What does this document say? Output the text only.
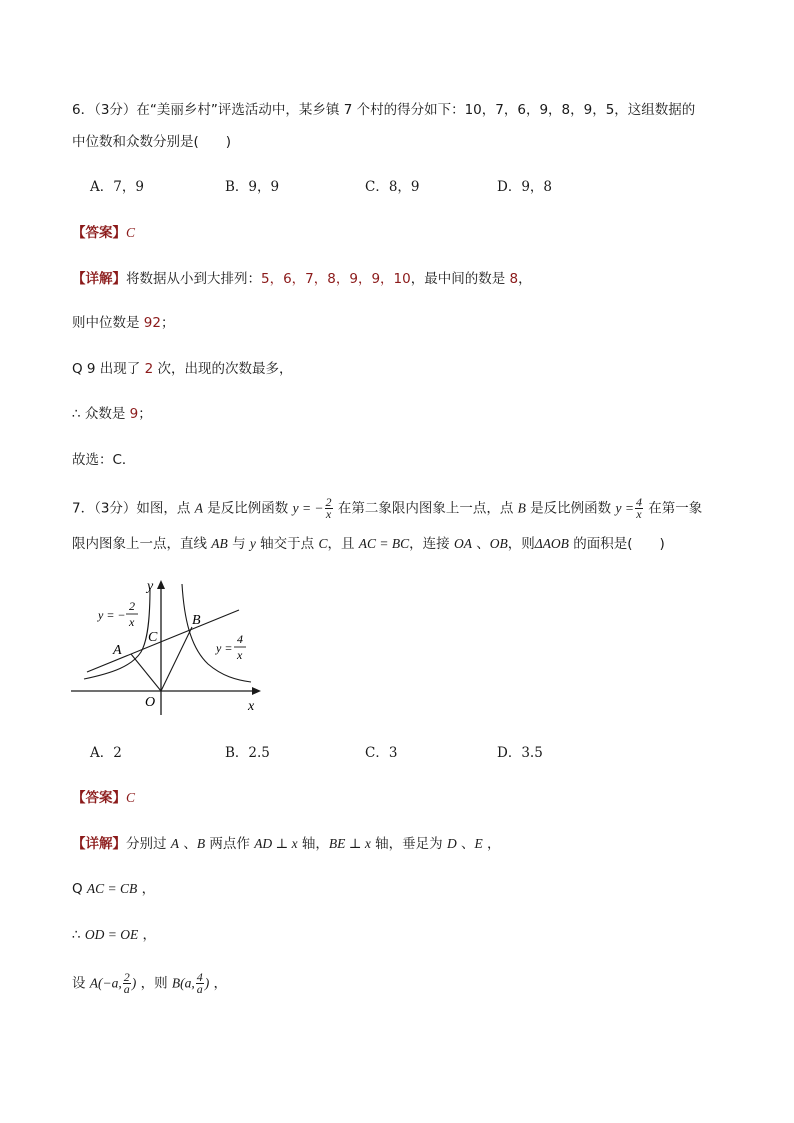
6．（3分）在“美丽乡村”评选活动中，某乡镇 7 个村的得分如下：10，7，6，9，8，9，5，这组数据的
中位数和众数分别是(　　)
A．7，9	B．9，9	C．8，9	D．9，8
【答案】C
【详解】将数据从小到大排列：5，6，7，8，9，9，10，最中间的数是 8，
则中位数是 92；
Q 9 出现了 2 次，出现的次数最多，
∴ 众数是 9；
故选：C．
7．（3分）如图，点 A 是反比例函数 y = − $\frac{2}{x}$ 在第二象限内图象上一点，点 B 是反比例函数 $y = \frac{4}{x}$ 在第一象
限内图象上一点，直线 AB 与 y 轴交于点 C，且 AC = BC，连接 OA 、OB，则ΔAOB 的面积是(　　)
y
x
O
A
B
C
y = −
2
x
y =
4
x
A．2	B．2.5	C．3	D．3.5
【答案】C
【详解】分别过 A 、B 两点作 AD ⊥ x 轴，BE ⊥ x 轴，垂足为 D 、E ，
Q AC = CB ，
∴ OD = OE ，
设 A(−a, $\frac{2}{a}$ ) ，则 B(a, $\frac{4}{a}$ ) ，
